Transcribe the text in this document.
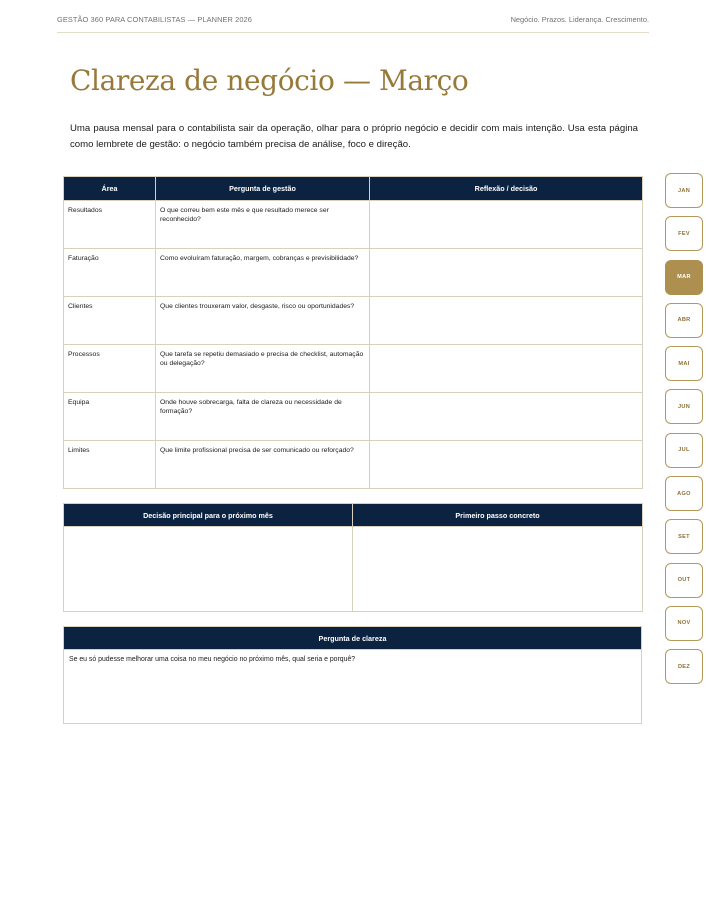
GESTÃO 360 PARA CONTABILISTAS — PLANNER 2026	Negócio. Prazos. Liderança. Crescimento.
Clareza de negócio — Março

Uma pausa mensal para o contabilista sair da operação, olhar para o próprio negócio e decidir com mais intenção. Usa esta página como lembrete de gestão: o negócio também precisa de análise, foco e direção.

Área	Pergunta de gestão	Reflexão / decisão
Resultados	O que correu bem este mês e que resultado merece ser reconhecido?	
Faturação	Como evoluíram faturação, margem, cobranças e previsibilidade?	
Clientes	Que clientes trouxeram valor, desgaste, risco ou oportunidades?	
Processos	Que tarefa se repetiu demasiado e precisa de checklist, automação ou delegação?	
Equipa	Onde houve sobrecarga, falta de clareza ou necessidade de formação?	
Limites	Que limite profissional precisa de ser comunicado ou reforçado?	
Decisão principal para o próximo mês	Primeiro passo concreto

Pergunta de clareza
Se eu só pudesse melhorar uma coisa no meu negócio no próximo mês, qual seria e porquê?
JAN
FEV
MAR
ABR
MAI
JUN
JUL
AGO
SET
OUT
NOV
DEZ
